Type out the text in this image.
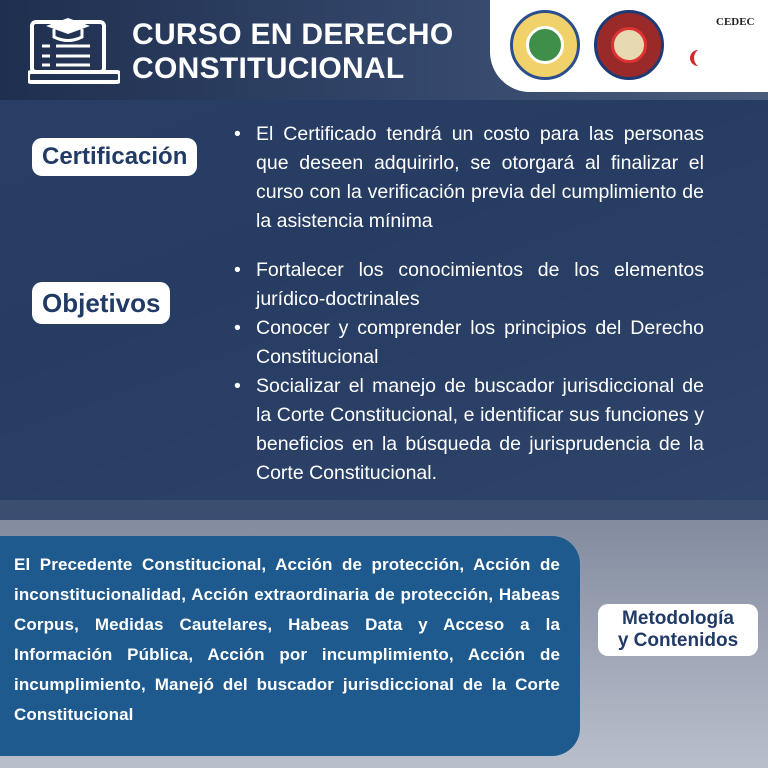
CURSO EN DERECHO
CONSTITUCIONAL
CEDEC
Certificación
• El Certificado tendrá un costo para las personas que deseen adquirirlo, se otorgará al finalizar el curso con la verificación previa del cumplimiento de la asistencia mínima
Objetivos
• Fortalecer los conocimientos de los elementos jurídico-doctrinales
• Conocer y comprender los principios del Derecho Constitucional
• Socializar el manejo de buscador jurisdiccional de la Corte Constitucional, e identificar sus funciones y beneficios en la búsqueda de jurisprudencia de la Corte Constitucional.
El Precedente Constitucional, Acción de protección, Acción de inconstitucionalidad, Acción extraordinaria de protección, Habeas Corpus, Medidas Cautelares, Habeas Data y Acceso a la Información Pública, Acción por incumplimiento, Acción de incumplimiento, Manejó del buscador jurisdiccional de la Corte Constitucional
Metodología
y Contenidos
